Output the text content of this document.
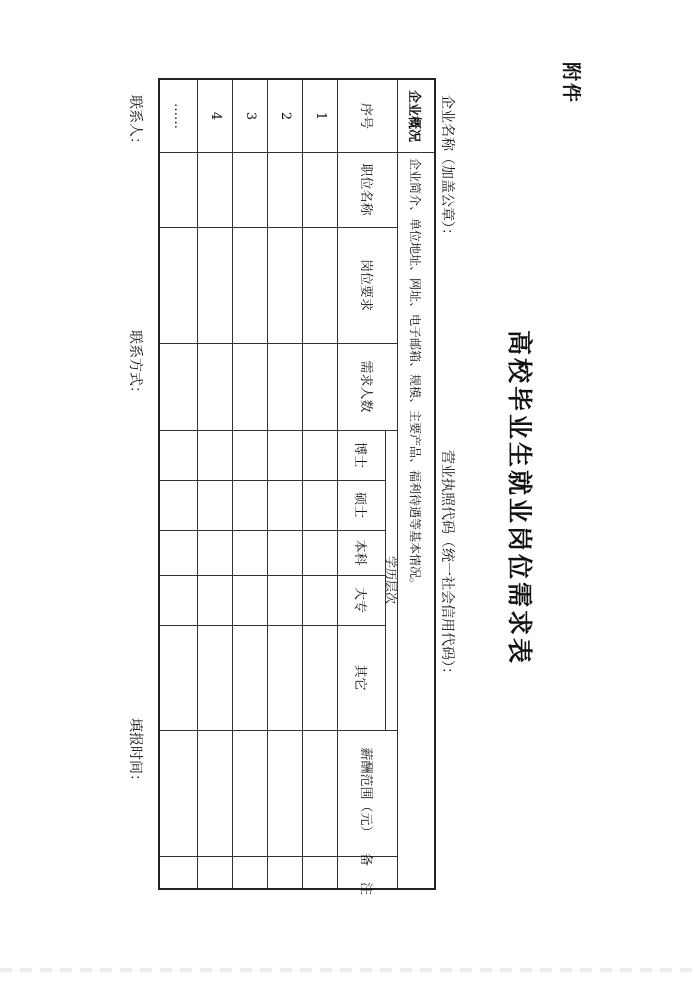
附件
高校毕业生就业岗位需求表
企业名称（加盖公章）：
营业执照代码（统一社会信用代码）：
企业概况
企业简介、单位地址、网址、电子邮箱、规模、主要产品、福利待遇等基本情况。
序号
职位名称
岗位要求
需求人数
学历层次
博士
硕士
本科
大专
其它
薪酬范围（元）
备
注
1
2
3
4
……
联系人：
联系方式：
填报时间：
